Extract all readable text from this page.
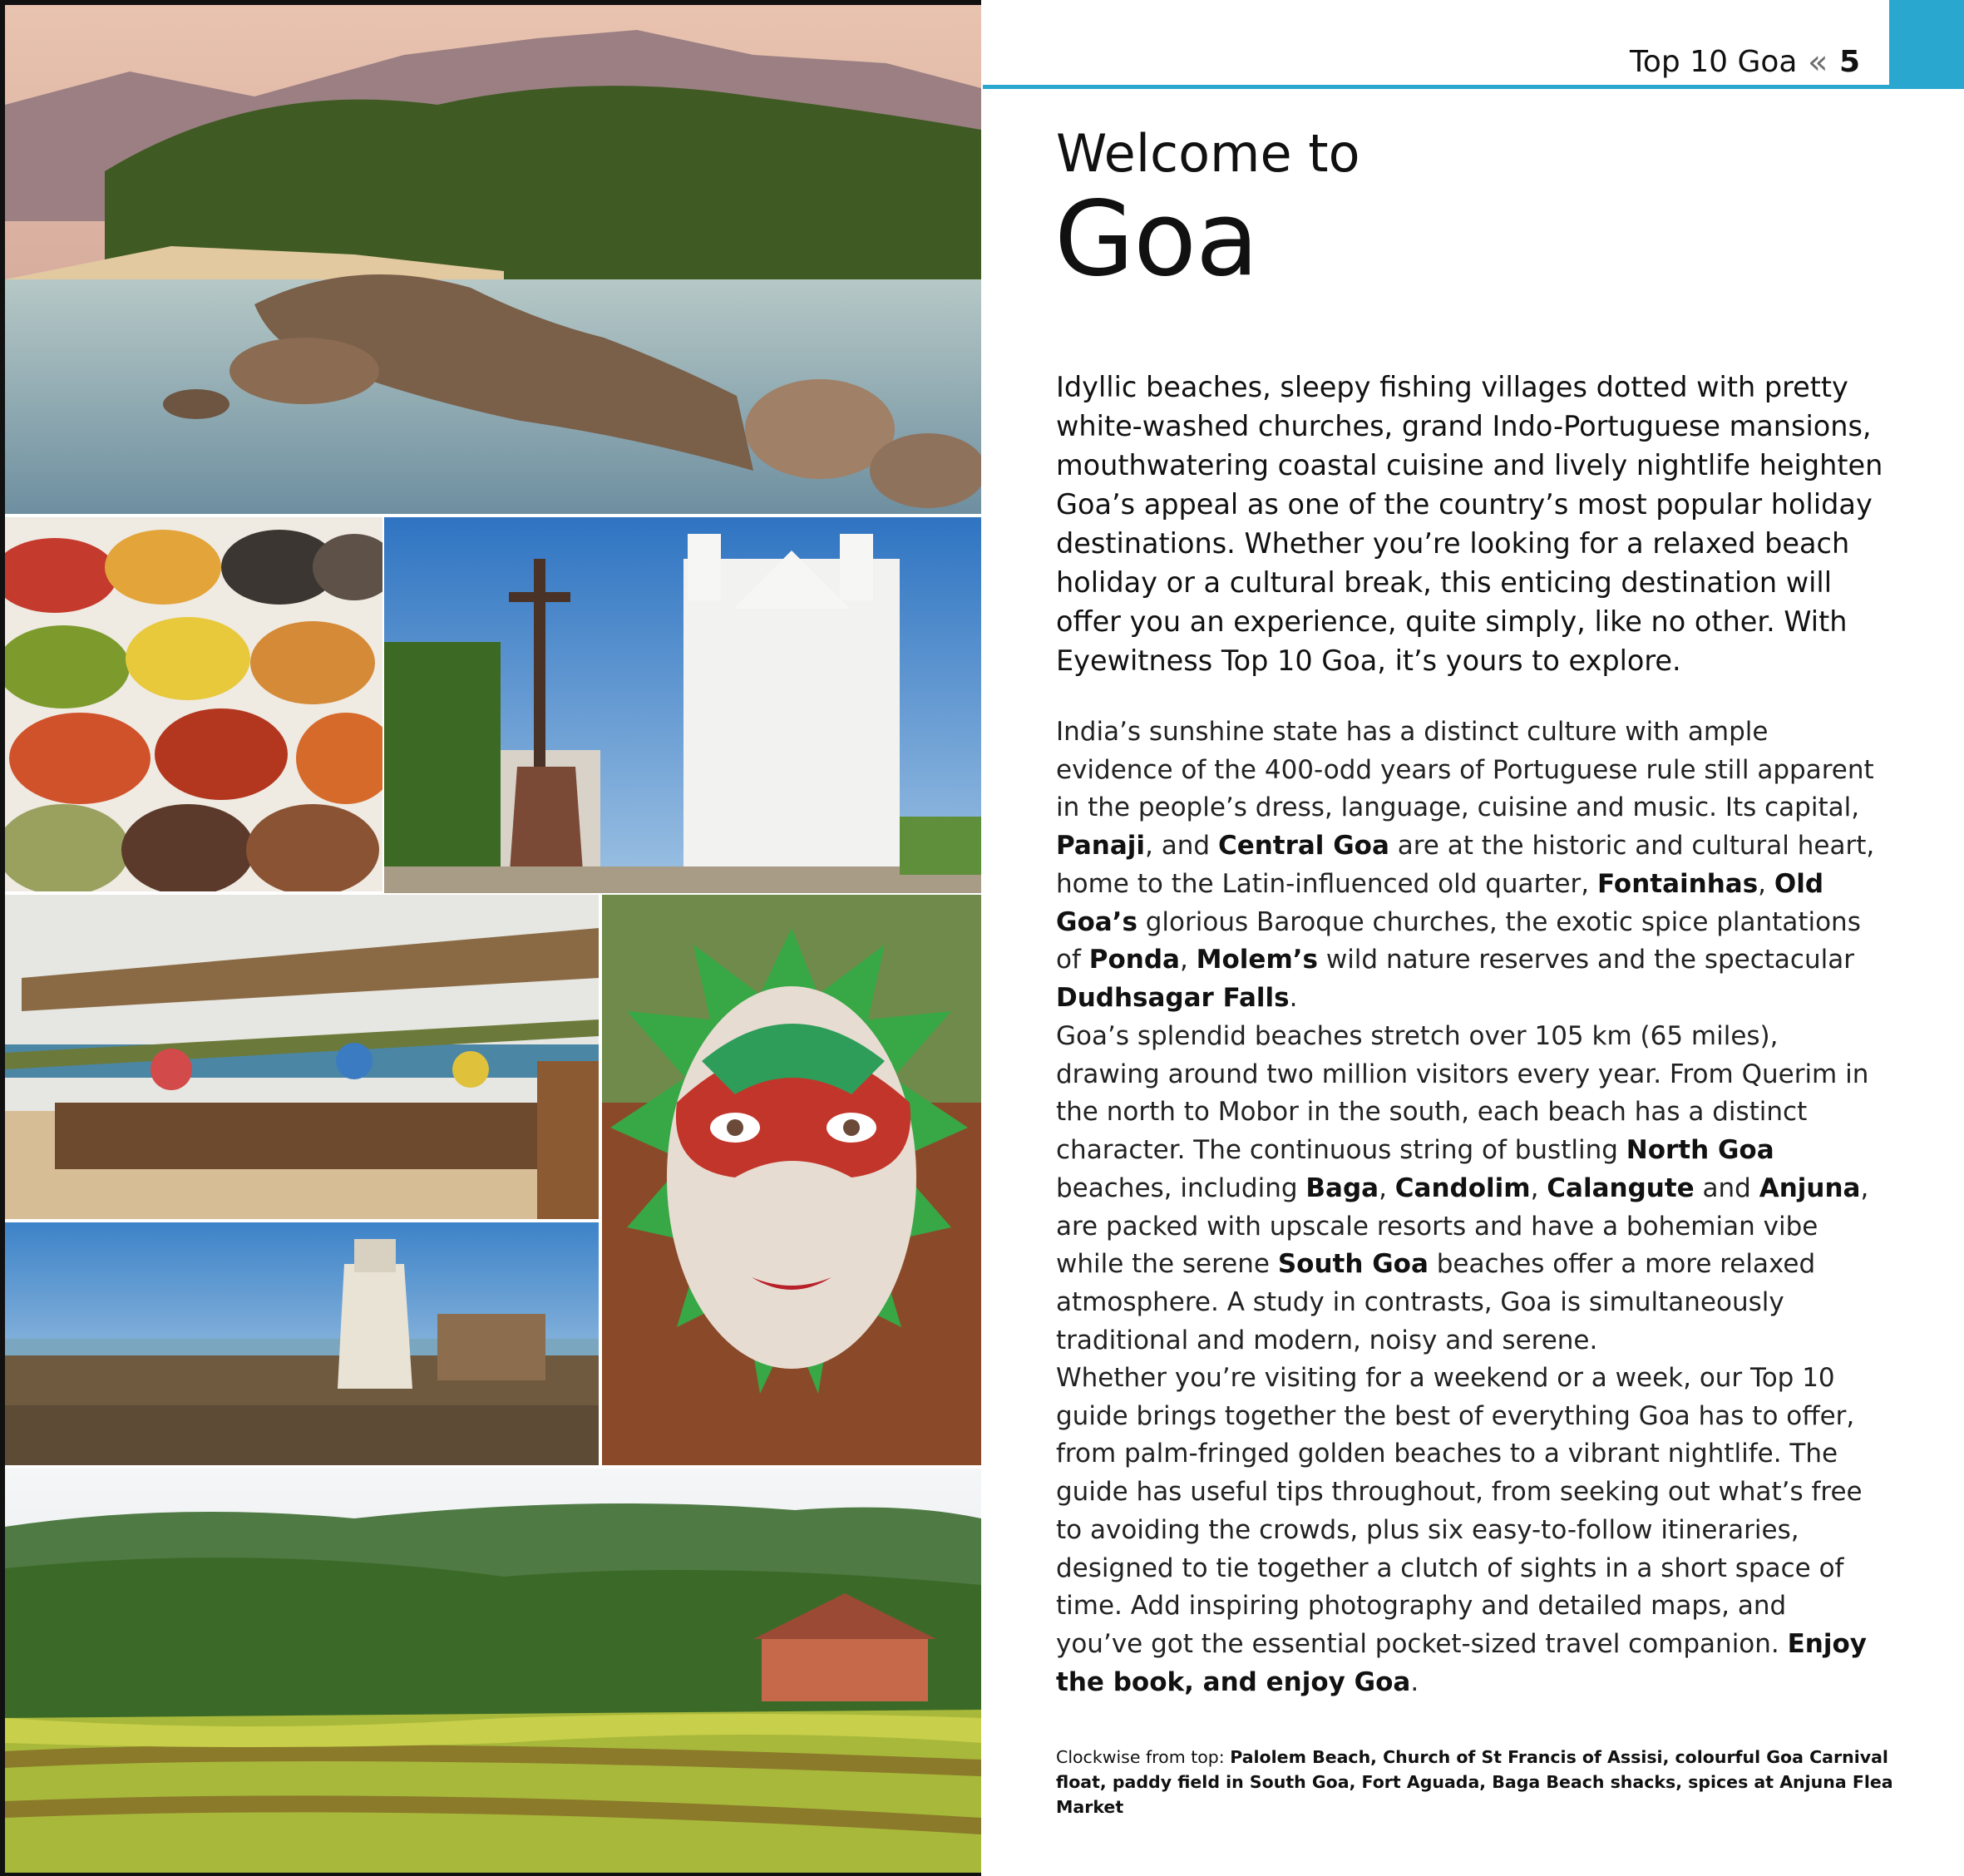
Top 10 Goa « 5
Welcome to
Goa
Idyllic beaches, sleepy fishing villages dotted with pretty white-washed churches, grand Indo-Portuguese mansions, mouthwatering coastal cuisine and lively nightlife heighten Goa’s appeal as one of the country’s most popular holiday destinations. Whether you’re looking for a relaxed beach holiday or a cultural break, this enticing destination will offer you an experience, quite simply, like no other. With Eyewitness Top 10 Goa, it’s yours to explore.
India’s sunshine state has a distinct culture with ample evidence of the 400-odd years of Portuguese rule still apparent in the people’s dress, language, cuisine and music. Its capital, Panaji, and Central Goa are at the historic and cultural heart, home to the Latin-influenced old quarter, Fontainhas, Old Goa’s glorious Baroque churches, the exotic spice plantations of Ponda, Molem’s wild nature reserves and the spectacular Dudhsagar Falls.
Goa’s splendid beaches stretch over 105 km (65 miles), drawing around two million visitors every year. From Querim in the north to Mobor in the south, each beach has a distinct character. The continuous string of bustling North Goa beaches, including Baga, Candolim, Calangute and Anjuna, are packed with upscale resorts and have a bohemian vibe while the serene South Goa beaches offer a more relaxed atmosphere. A study in contrasts, Goa is simultaneously traditional and modern, noisy and serene.
Whether you’re visiting for a weekend or a week, our Top 10 guide brings together the best of everything Goa has to offer, from palm-fringed golden beaches to a vibrant nightlife. The guide has useful tips throughout, from seeking out what’s free to avoiding the crowds, plus six easy-to-follow itineraries, designed to tie together a clutch of sights in a short space of time. Add inspiring photography and detailed maps, and you’ve got the essential pocket-sized travel companion. Enjoy the book, and enjoy Goa.
Clockwise from top: Palolem Beach, Church of St Francis of Assisi, colourful Goa Carnival float, paddy field in South Goa, Fort Aguada, Baga Beach shacks, spices at Anjuna Flea Market
